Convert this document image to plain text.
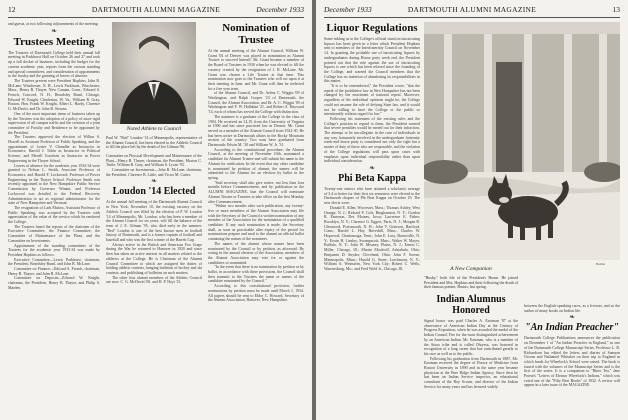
12	DARTMOUTH ALUMNI MAGAZINE	December 1933

and guests, at two following adjournments of the meeting.

❧
Trustees Meeting

The Trustees of Dartmouth College held their annual fall meeting in Parkhurst Hall on October 26 and 27 and took up a full docket of business, including the budget for the current academic year, reports from the various standing and special committees, and consideration of appointments to the faculty and the granting of leaves of absence.

The Trustees present were President Hopkins, John R. McLane, Winchester, N. H., Lewis Parkhurst, Winchester, Mass., Henry B. Thayer, New Canaan, Conn., Edward S. French, Concord, N. H., Beardsley Ruml, Chicago, Edward W. Knight, Charleston, W. Va., William R. Gray, Boston, Hon. Frank W. Knight, Albert L. Hardy, Clarence G. McDavitt, and Dr. John B. Stearns.

One of the most important items of business taken up by the Trustees was the adoption of a policy of more rigid supervision of all campus traffic and the creation of a joint committee of Faculty and Residence to be appointed by the President.

The Trustees approved the election of Wilbur S. Howell as Assistant Professor of Public Speaking, and the appointment of Lester V. Chandler as Instructor in Economics. Harold J. Tobin as Instructor in Political Science, and Merrill Goodwin as Instructor in Power Engineering in the Thayer School.

Leaves of absence for the academic year 1933-34 were granted to Nelson L. Smith, Associate Professor of Economics, and Harold F. Lockwood, Professor of Power Engineering in the Thayer School. Professor Smith was recently appointed to the New Hampshire Public Service Commission by Governor Winant, and Professor Lockwood was detailed to the Federal Recovery Administration to act as regional administrator for the state of New Hampshire and Vermont.

The resignation of Lark Mattox, Assistant Professor of Public Speaking, was accepted by the Trustees with appreciation of the value of the service which he rendered the College.

The Trustees heard the reports of the chairmen of the Executive Committee, the Finance Committee, the Committee of Maintenance of the Plant, and the Committee on Investments.

Appointment of the standing committees of the Trustees for the academic year 1933-34 was made by President Hopkins as follows:

Executive Committee—Lewis Parkhurst, chairman, the President, Beardsley Ruml, and John R. McLane.

Committee on Finance—Edward S. French, chairman, Henry B. Thayer, and John R. McLane.

Committee on Deposits—Edward W. Knight, chairman, the President, Henry B. Thayer, and Philip S. Marden.

Noted Athlete to Council

Paul W. "Red" Loudon '14 of Minneapolis, representative of the Alumni Council, has been elected to the Athletic Council to fill the place left by the death of Joe Gilman '96.

Committee on Physical Development and Maintenance of the Plant—Henry B. Thayer, chairman, the President, Morton C. Tuttle, William R. Gray, and William S. Lycan '93.

Committee on Investments—John R. McLane, chairman, the President, Clarence B. Little, and Victor M. Cutter.

❧
Loudon '14 Elected

At the annual fall meeting of the Dartmouth Alumni Council in New York, November 10, the existing vacancy on the Athletic Council was filled by the election of P. W. Loudon '14 of Minneapolis, Mr. Loudon, who has been a member of the Alumni Council for six years, will fill the balance of the term of J. E. Gilman '95, who died early in the summer. "Red" Loudon is one of the best known men in football history of Dartmouth, and is a former captain of football and baseball and who was the first winner of the Barrett Cup.

Always active in the British and American Fox Graps during the War he returned to Hanover in 1920 and since then has taken an active interest in all matters related to the athletics at the College. He is Chairman of the Alumni Council Committee to which are assigned the duties of holding athletic contests, hanging bulletins of hockey and ski contests, and publishing of bulletins on such matters.

The other four alumni members of the Athletic Council are now: C. G. McDavitt '00, and H. P. Hoyt '21.

Nomination of Trustee

At the annual meeting of the Alumni Council, William W. Grant '04 of Denver was placed in nomination as Alumni Trustee to succeed himself. Mr. Grant became a member of the Board of Trustees in 1930 when he was elected to fill the vacancy created by the resignation of J. R. McLane. Mr. Grant was chosen a Life Trustee at that time. This nomination now goes to the Trustees who will act upon it at their meeting in June, and Mr. Grant will then be reelected for a five year term.

of the Alumni Council, and Dr. Arthur C. Wiggin '09 of Washington, and Ralph Cooper '23 of Dartmouth, the Council, the Alumni Association, and Dr. A. C. Wiggin '09 of Washington and F. W. Hallahan '21, and Robert A. Hayward '14, each of whom has served the College with distinction.

The nominee is a graduate of the College in the class of 1904. He received an LL.B. from the University of Virginia in 1906 and has since practiced law in Denver. Mr. Grant served as a member of the Alumni Council from 1922-30. He has been active in Dartmouth affairs in the Rocky Mountain section of the country. Two sons have graduated from Dartmouth: Edwin M. '30 and William W. Jr. '31.

According to the constitutional procedure, the Alumni Council, at the meeting of November 10th, nominated a candidate for Alumni Trustee and will submit his name to the Alumni for ratification. In the event that any other candidate is nominated by petition of alumni, the names will be submitted to the Alumni for an election by ballot in the spring.

"Said secretary shall also give notice, not less than four months before Commencement, and by publication in the ALUMNI MAGAZINE, that the Council will nominate Alumni Trustee or Trustees to take office on the first Monday after Commencement.

"Within two months after such publication, any twenty-five or more members of the Alumni Association may file with the Secretary of the Council a written nomination of any member of the Association for the nomination of a qualified candidate. If any such nomination is made, the Secretary shall, as soon as practicable after expiry of the period for nominations prepare and mail to the alumni an official ballot containing the names of the nominees.

The names of the alumni whose names have been nominated by the Council or by petition, as aforesaid. By voting in the annual election of the Association, members of the Alumni Association may vote for or against the candidates so nominated.

"In the event that there is no nomination by petition or by ballot, in accordance with these provisions, the Council shall then transmit to the Trustees the name or names of the candidate nominated by the Council."

According to this constitutional provision, further nominations by petition must be made until March 1, 1934. All papers should be sent to Eldor C. Howard, Secretary of the Alumni Association, Hanover, New Hampshire.

December 1933	DARTMOUTH ALUMNI MAGAZINE	13
Liquor Regulations

Some inkling as to the College's official stand on intoxicating liquors has been given in a letter which President Hopkins sent to members of the Interfraternity Council on November 14. In granting the probable use of intoxicating liquors by undergraduates during House party week end, the President pointed out that the rule against the use of intoxicating liquors is one which has been relaxed since the founding of the College, and warned the Council members that the College has no intention of abandoning its responsibilities in this matter.

"It is to be remembered," the President wrote, "that the repeal of the prohibitive law in New Hampshire has not been changed by the enactment of national repeal. Moreover, regardless of the individual opinions might be, the College could not assume the role of defying State law, and it would not be willing to have the College or the public so intentionally without regard for law."

Following his statement of the existing rules and the College's position in regard to them, the President warned that severe penalties would be meted out for their infraction. The attempt to be uncollegiate in the case of individuals in any way fortunately involved in the undergraduate fraternity week-end house party is considered not only the right but a matter of duty of those who are responsible, and the violation of the College regulations will pass upon cases with emphasis upon individual responsibility rather than upon individual consideration.

❧
Phi Beta Kappa

Twenty-one seniors who have attained a scholastic average of 3.4 or better for their first six semesters were elected to the Dartmouth chapter of Phi Beta Kappa on October 19. The new elects were:

Donald E. Allen, Worcester, Mass.; Thomas Ashley, West Orange, N. J.; Richard F. Cole, Binghamton, N. Y.; Gordon R. Emerson, Des Moines, Iowa; Lawrence E. Fisher, Brooklyn, N. Y.; Clarence G. Eggert, Paris, N. J.; Morgan R. Glenwood, Portsmouth, N. H.; John V. Grierson, Hartford, Conn.; Harold L. Hay, Haverhill, Mass.; Charles W. Hopwood, Chattanooga, Tenn.; John E. Lacy, Bronxville, N. Y.; Erwin H. Linsley, Swampscott, Mass.; Walter W. Mayer, Buffalo, N. Y.; John W. Meaney, Plains, N. J.; Ernest C. Miller, Chicago, Ill.; Martin Mocktoll, Ashtabula, Ohio; Benjamin D. Snyder, Cleveland, Ohio; John F. Sorem, Minneapolis, Minn.; Harold G. Stone, Larchmont, N. Y.; William A. Weinstein, New York City; Robert C. Wells, Warrensburg, Mo.; and Fred Wold Jr., Chicago, Ill.

Bemis
A New Companion

"Husky," both life of the President's House. He joined President and Mrs. Hopkins and their following the death of their famous pointer, Brutus, last spring.

Indian Alumnus Honored

Signal honor was paid Charles A. Eastman '87 at the observance of American Indian Day at the Century of Progress Exposition, when he was awarded the medal of the Indian Council Fire for the most distinguished achievement by an American Indian. Mr. Eastman, who is a member of the Sioux tribe and is called Ohiyesa, was honored in recognition of a long career that has contributed greatly to his race as well as to the public.

Following his graduation from Dartmouth in 1887, Mr. Eastman received the degree of Doctor of Medicine from Boston University in 1890 and in the same year became physician at the Pine Ridge Indian Agency. Since then he has been an Indian Service inspector, an educational consultant of the Boy Scouts, and director of the Indian Service for many years and has lectured widely.

between the English-speaking races, as a lecturer, and as the author of many books on Indian life.

❧
"An Indian Preacher"

Dartmouth College Publications announces the publication on December 1 of "An Indian Preacher in England," as one of the Dartmouth College Manuscript Series. Professor L. B. Richardson has edited the letters and diaries of Samson Occom and Nathaniel Whitaker on their trip to England in which funds for Wheelock's School were raised. The book is issued with the volumes of the Manuscript Series and is the first of the series. It is a companion to "Bitter Tea," Jane Poteat's "Letters of Eleazar Wheelock's Indians," which was voted one of the "Fifty Best Books" of 1932. A review will appear in a later issue of the MAGAZINE.
